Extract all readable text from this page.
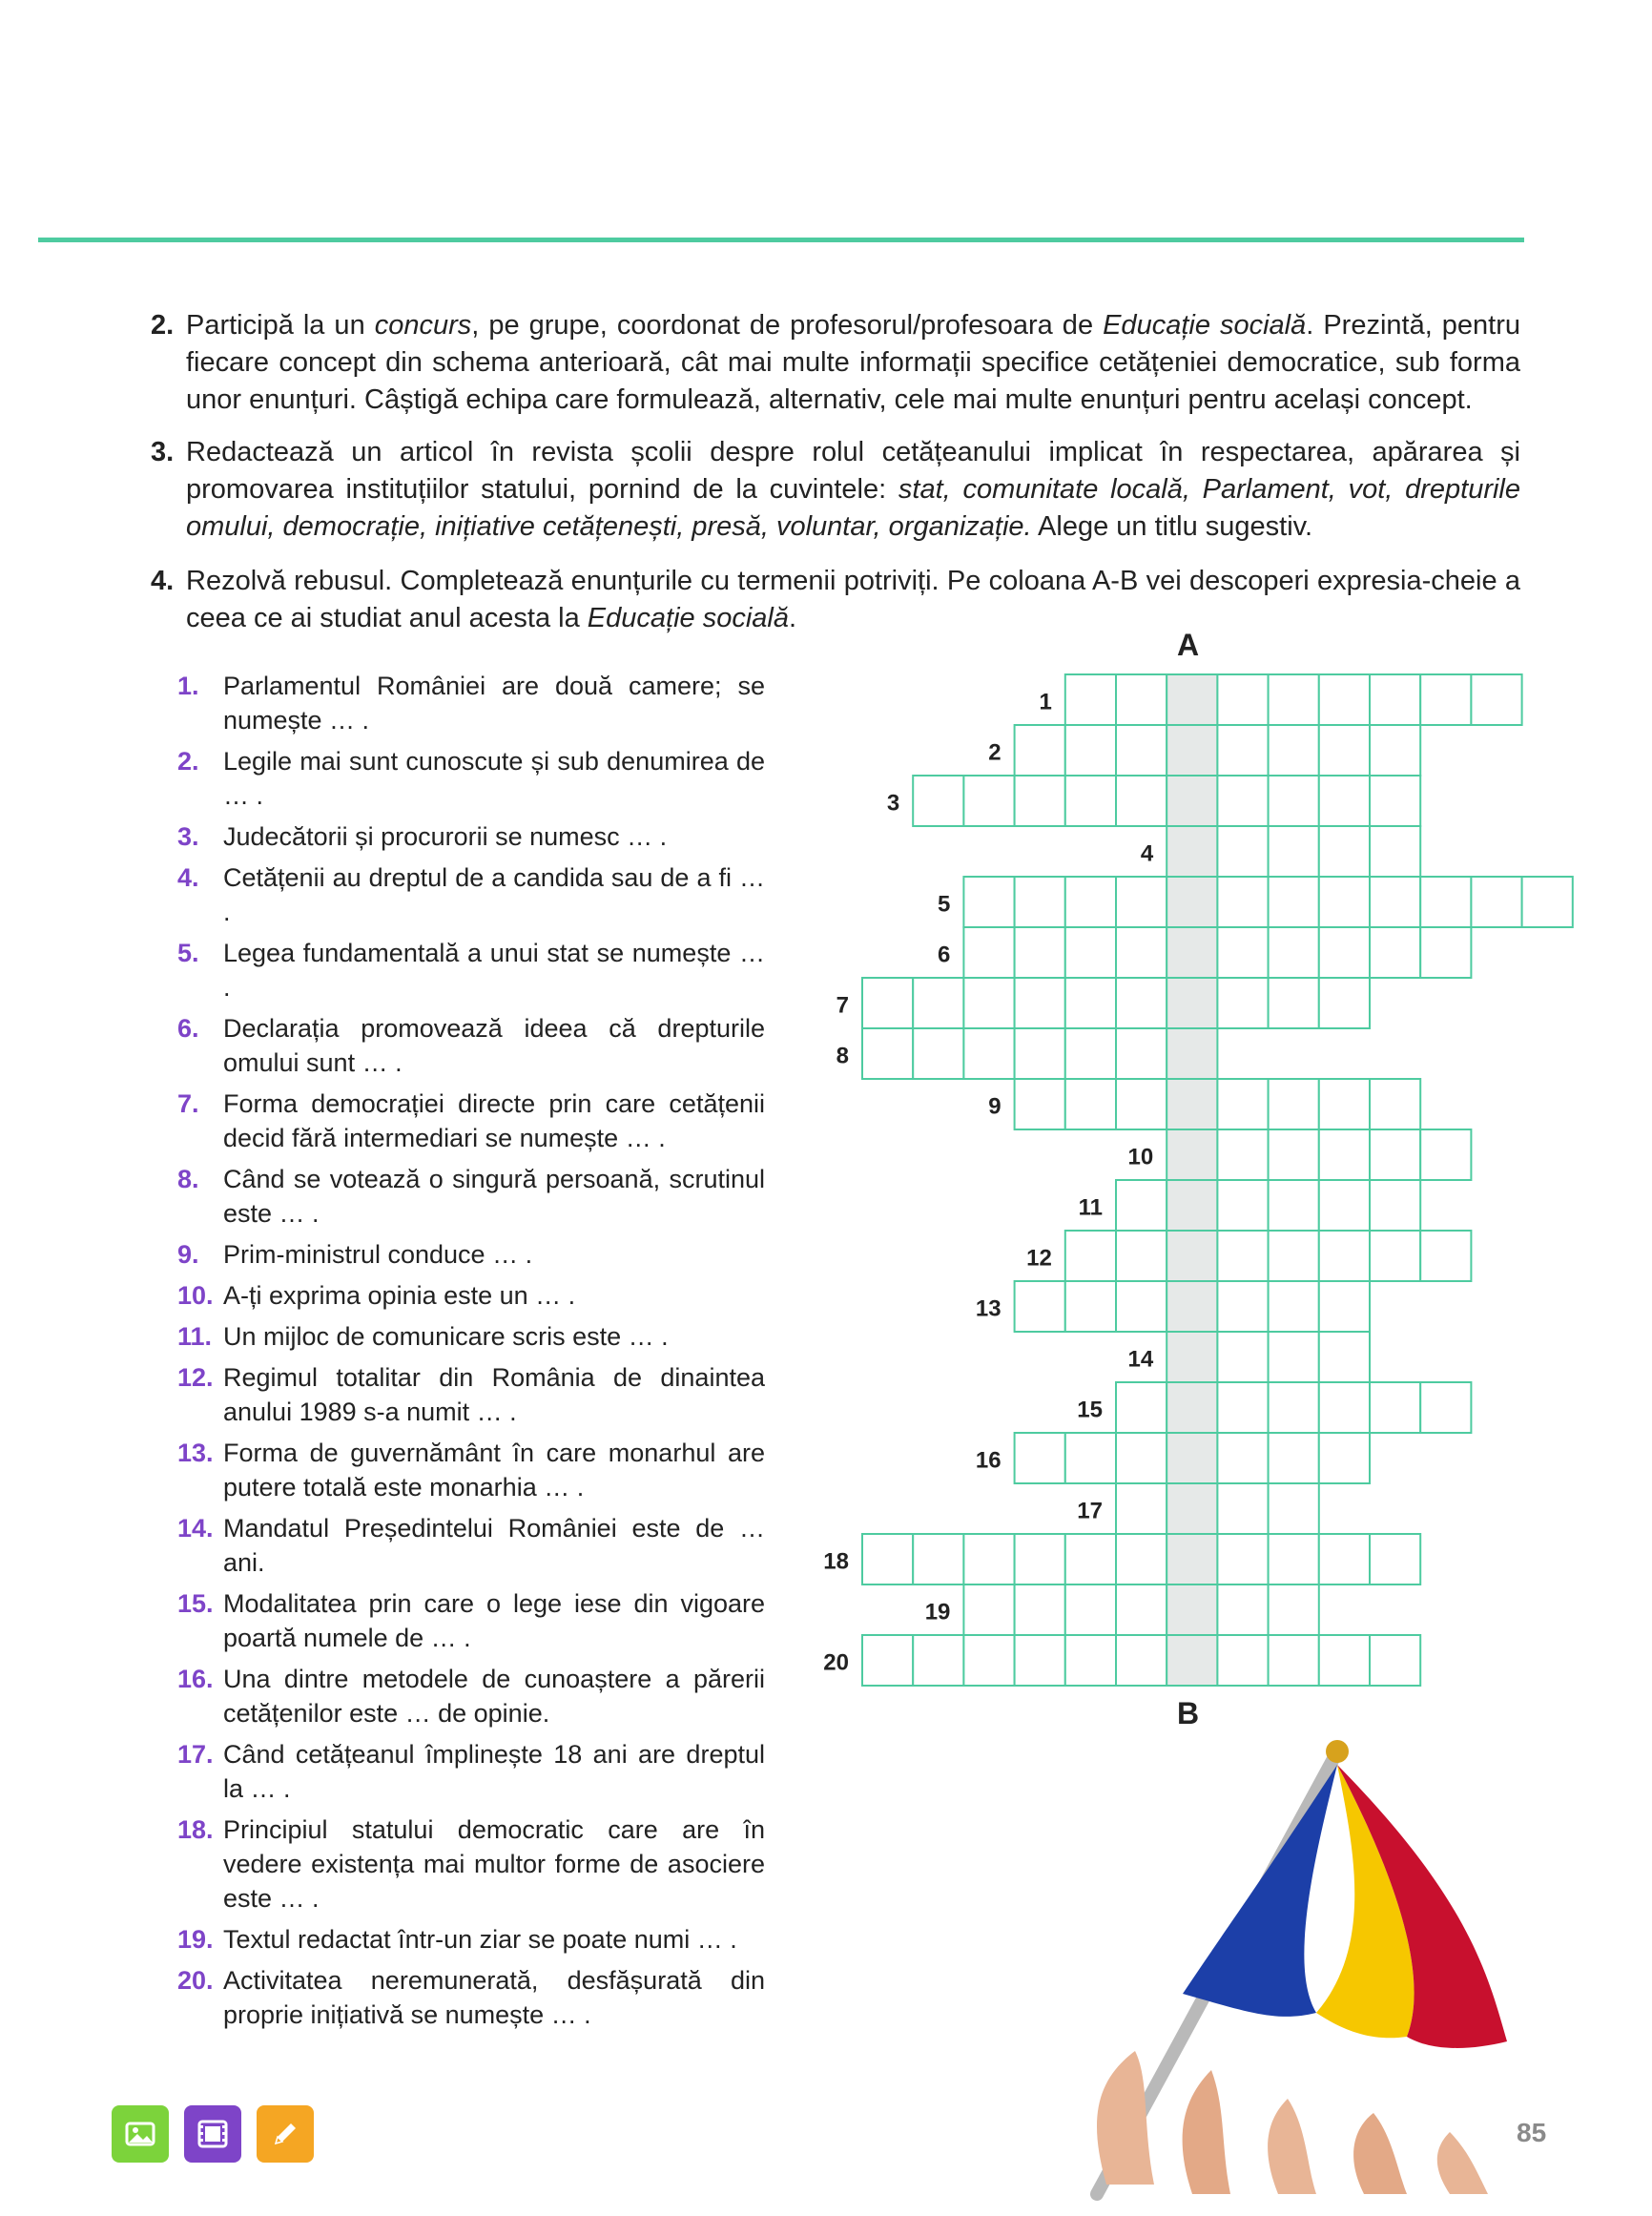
2. Participă la un concurs, pe grupe, coordonat de profesorul/profesoara de Educație socială. Prezintă, pentru fiecare concept din schema anterioară, cât mai multe informații specifice cetățeniei democratice, sub forma unor enunțuri. Câștigă echipa care formulează, alternativ, cele mai multe enunțuri pentru același concept.
3. Redactează un articol în revista școlii despre rolul cetățeanului implicat în respectarea, apărarea și promovarea instituțiilor statului, pornind de la cuvintele: stat, comunitate locală, Parlament, vot, drepturile omului, democrație, inițiative cetățenești, presă, voluntar, organizație. Alege un titlu sugestiv.
4. Rezolvă rebusul. Completează enunțurile cu termenii potriviți. Pe coloana A-B vei descoperi expresia-cheie a ceea ce ai studiat anul acesta la Educație socială.
1. Parlamentul României are două camere; se numește … .
2. Legile mai sunt cunoscute și sub denumirea de … .
3. Judecătorii și procurorii se numesc … .
4. Cetățenii au dreptul de a candida sau de a fi … .
5. Legea fundamentală a unui stat se numește … .
6. Declarația promovează ideea că drepturile omului sunt … .
7. Forma democrației directe prin care cetățenii decid fără intermediari se numește … .
8. Când se votează o singură persoană, scrutinul este … .
9. Prim-ministrul conduce … .
10. A-ți exprima opinia este un … .
11. Un mijloc de comunicare scris este … .
12. Regimul totalitar din România de dinaintea anului 1989 s-a numit … .
13. Forma de guvernământ în care monarhul are putere totală este monarhia … .
14. Mandatul Președintelui României este de … ani.
15. Modalitatea prin care o lege iese din vigoare poartă numele de … .
16. Una dintre metodele de cunoaștere a părerii cetățenilor este … de opinie.
17. Când cetățeanul împlinește 18 ani are dreptul la … .
18. Principiul statului democratic care are în vedere existența mai multor forme de asociere este … .
19. Textul redactat într-un ziar se poate numi … .
20. Activitatea neremunerată, desfășurată din proprie inițiativă se numește … .
1
2
3
4
5
6
7
8
9
10
11
12
13
14
15
16
17
18
19
20
A
B
85
